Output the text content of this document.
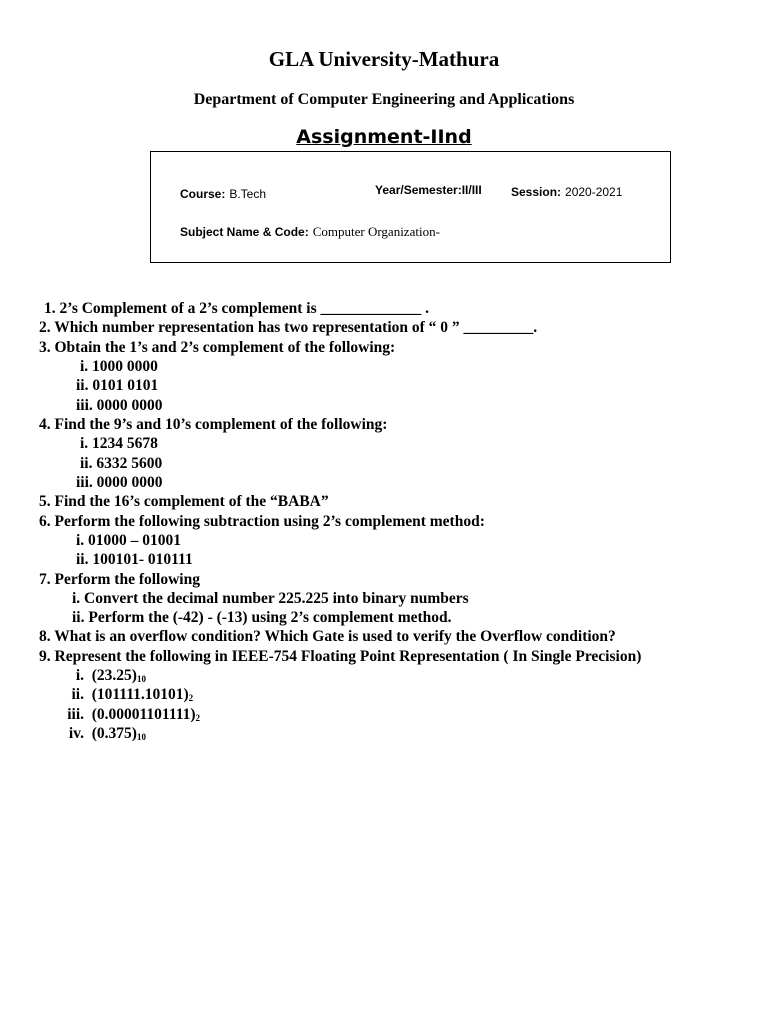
GLA University-Mathura
Department of Computer Engineering and Applications
Assignment-IInd
Course: B.Tech	Year/Semester:II/III Session: 2020-2021
Subject Name & Code: Computer Organization-
1. 2’s Complement of a 2’s complement is _____________ .
2. Which number representation has two representation of “ 0 ” _________.
3. Obtain the 1’s and 2’s complement of the following:
i. 1000 0000
ii. 0101 0101
iii. 0000 0000
4. Find the 9’s and 10’s complement of the following:
i. 1234 5678
ii. 6332 5600
iii. 0000 0000
5. Find the 16’s complement of the “BABA”
6. Perform the following subtraction using 2’s complement method:
i. 01000 – 01001
ii. 100101- 010111
7. Perform the following
i. Convert the decimal number 225.225 into binary numbers
ii. Perform the (-42) - (-13) using 2’s complement method.
8. What is an overflow condition? Which Gate is used to verify the Overflow condition?
9. Represent the following in IEEE-754 Floating Point Representation ( In Single Precision)
i. $(23.25)_{10}$
ii. $(101111.10101)_2$
iii. $(0.00001101111)_2$
iv. $(0.375)_{10}$
